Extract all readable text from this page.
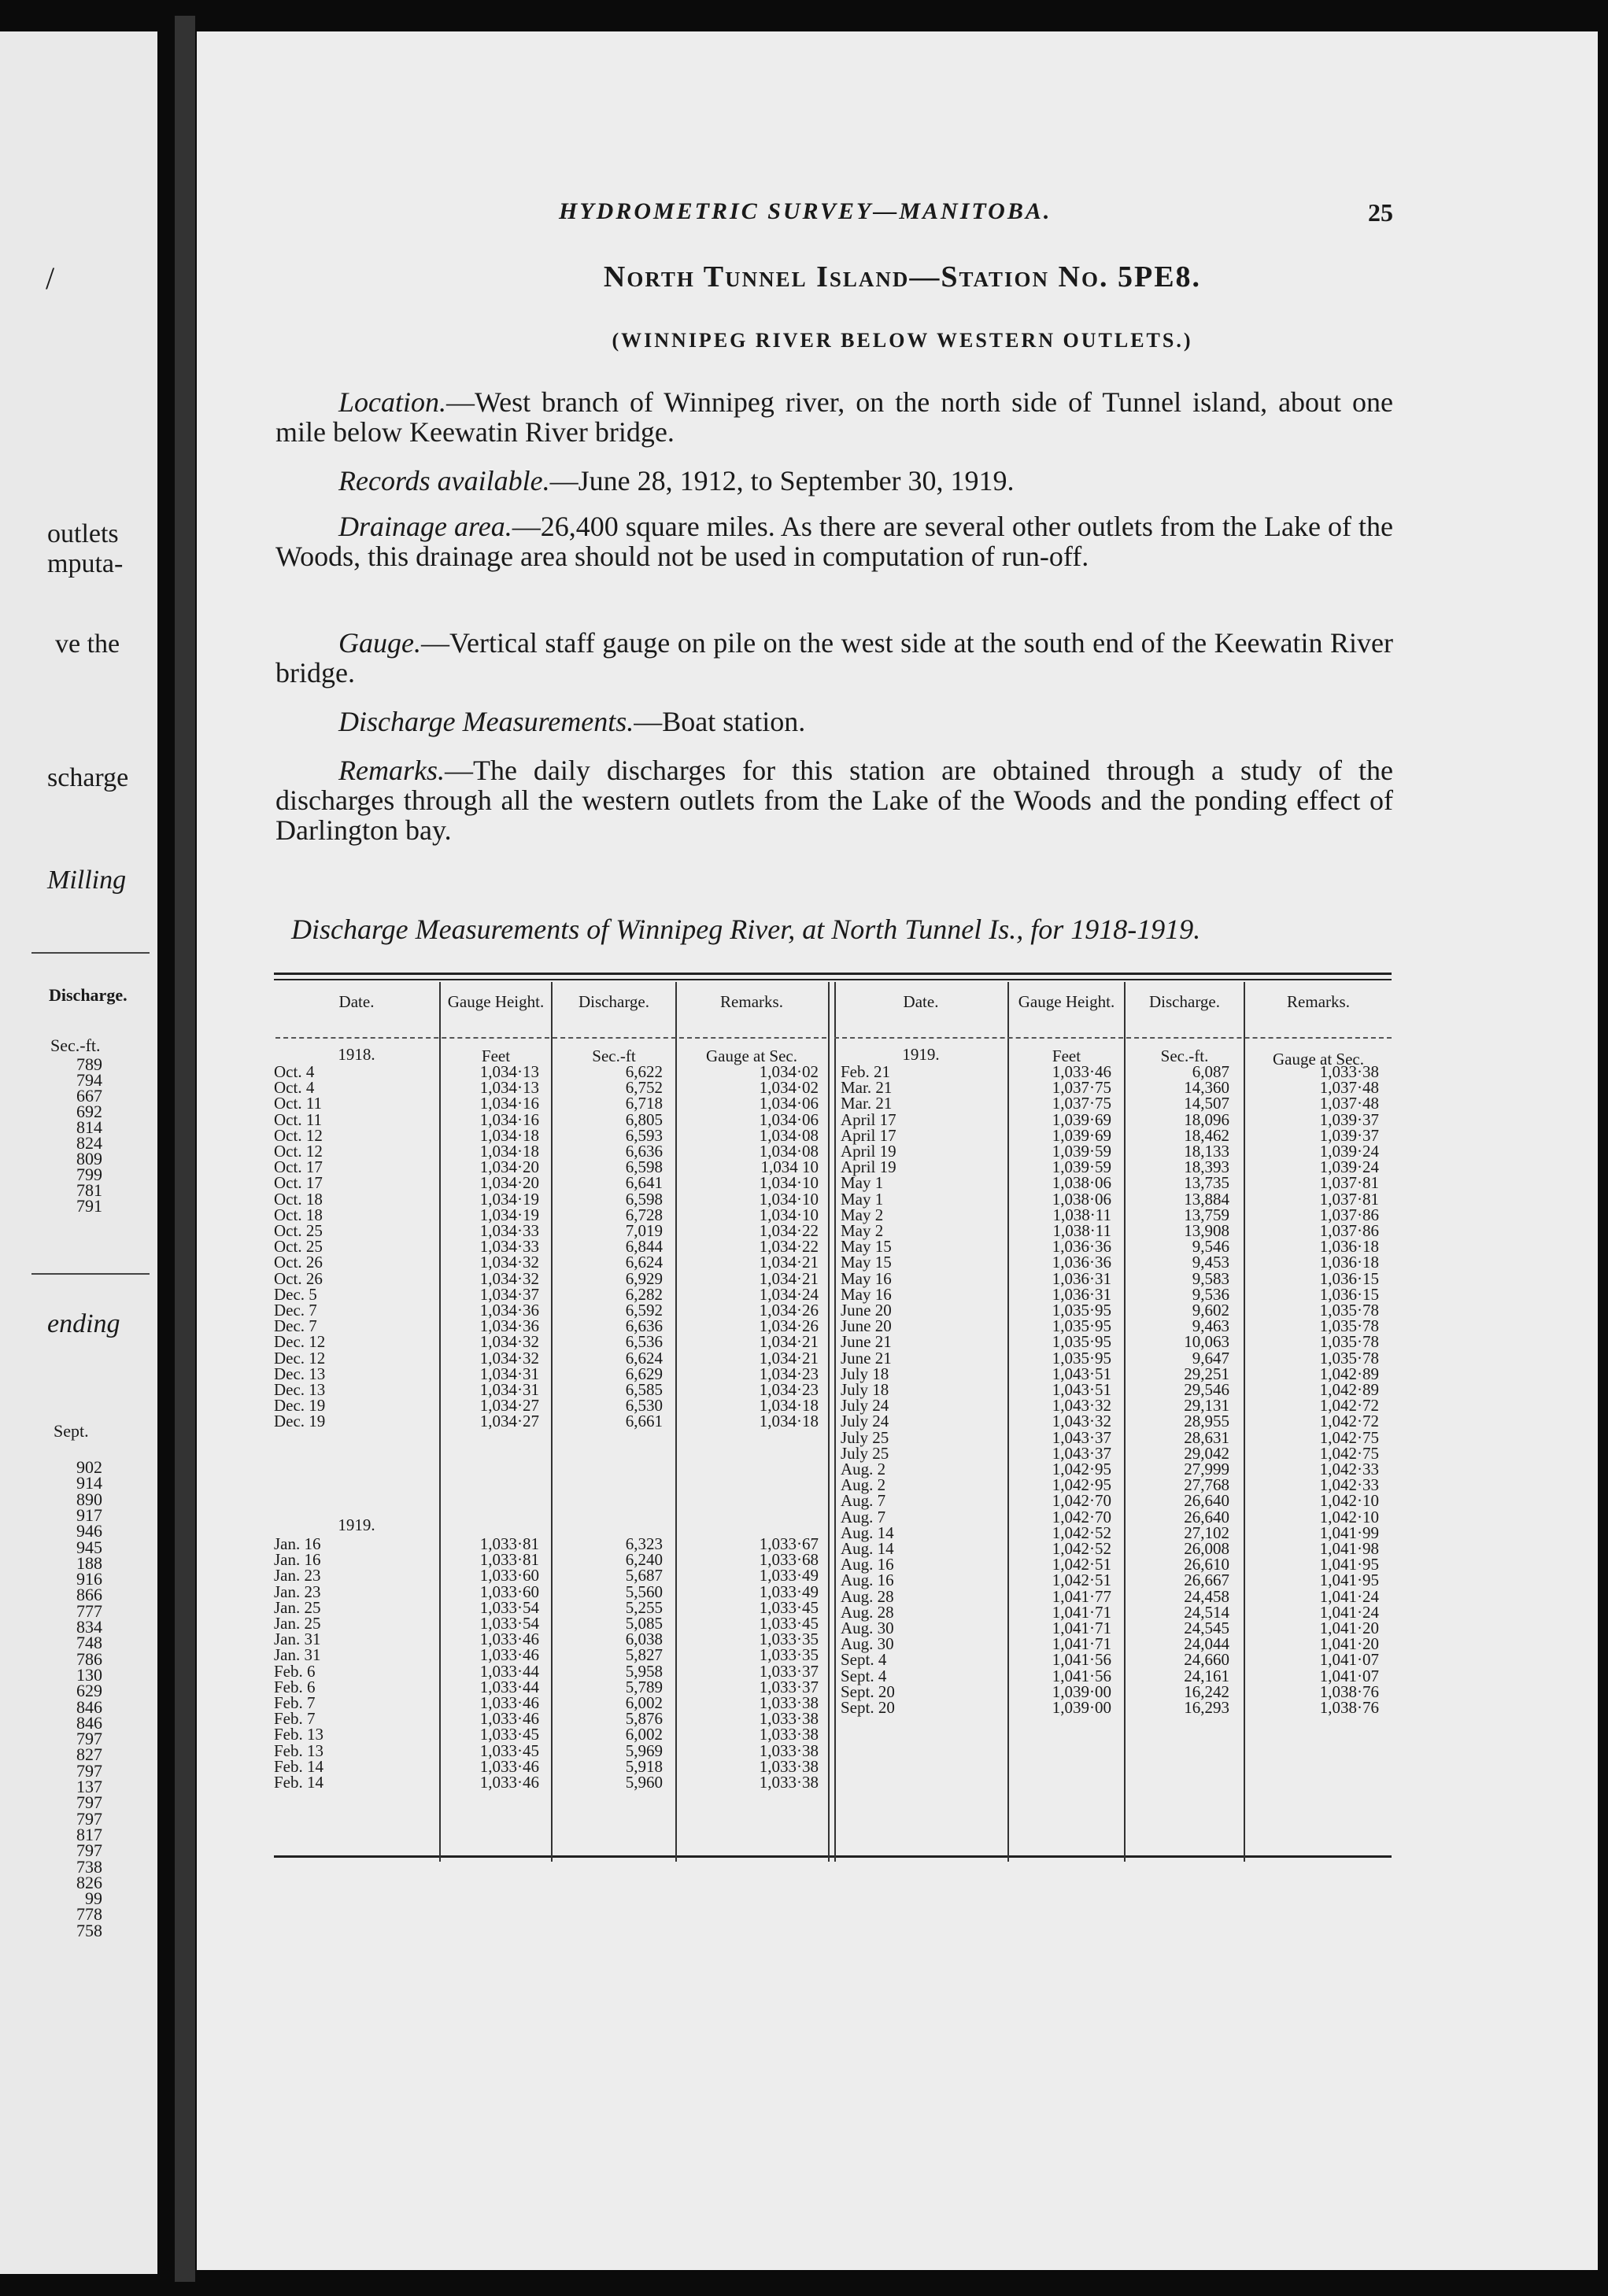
/
outlets
mputa-
ve the
scharge
Milling
Discharge.
Sec.-ft.
789
794
667
692
814
824
809
799
781
791
ending
Sept.
902
914
890
917
946
945
188
916
866
777
834
748
786
130
629
846
846
797
827
797
137
797
797
817
797
738
826
99
778
758
HYDROMETRIC SURVEY—MANITOBA.	25
North Tunnel Island—Station No. 5PE8.
(WINNIPEG RIVER BELOW WESTERN OUTLETS.)
Location.—West branch of Winnipeg river, on the north side of Tunnel island, about one mile below Keewatin River bridge.
Records available.—June 28, 1912, to September 30, 1919.
Drainage area.—26,400 square miles. As there are several other outlets from the Lake of the Woods, this drainage area should not be used in computation of run-off.
Gauge.—Vertical staff gauge on pile on the west side at the south end of the Keewatin River bridge.
Discharge Measurements.—Boat station.
Remarks.—The daily discharges for this station are obtained through a study of the discharges through all the western outlets from the Lake of the Woods and the ponding effect of Darlington bay.
Discharge Measurements of Winnipeg River, at North Tunnel Is., for 1918-1919.
Date.	Gauge Height.	Discharge.	Remarks.	Date.	Gauge Height.	Discharge.	Remarks.
1918.	Feet	Sec.-ft	Gauge at Sec.
1919.
1919.	Feet	Sec.-ft.	Gauge at Sec.
Oct. 4	1,034·13	6,622	1,034·02
Oct. 4	1,034·13	6,752	1,034·02
Oct. 11	1,034·16	6,718	1,034·06
Oct. 11	1,034·16	6,805	1,034·06
Oct. 12	1,034·18	6,593	1,034·08
Oct. 12	1,034·18	6,636	1,034·08
Oct. 17	1,034·20	6,598	1,034 10
Oct. 17	1,034·20	6,641	1,034·10
Oct. 18	1,034·19	6,598	1,034·10
Oct. 18	1,034·19	6,728	1,034·10
Oct. 25	1,034·33	7,019	1,034·22
Oct. 25	1,034·33	6,844	1,034·22
Oct. 26	1,034·32	6,624	1,034·21
Oct. 26	1,034·32	6,929	1,034·21
Dec. 5	1,034·37	6,282	1,034·24
Dec. 7	1,034·36	6,592	1,034·26
Dec. 7	1,034·36	6,636	1,034·26
Dec. 12	1,034·32	6,536	1,034·21
Dec. 12	1,034·32	6,624	1,034·21
Dec. 13	1,034·31	6,629	1,034·23
Dec. 13	1,034·31	6,585	1,034·23
Dec. 19	1,034·27	6,530	1,034·18
Dec. 19	1,034·27	6,661	1,034·18
Jan. 16	1,033·81	6,323	1,033·67
Jan. 16	1,033·81	6,240	1,033·68
Jan. 23	1,033·60	5,687	1,033·49
Jan. 23	1,033·60	5,560	1,033·49
Jan. 25	1,033·54	5,255	1,033·45
Jan. 25	1,033·54	5,085	1,033·45
Jan. 31	1,033·46	6,038	1,033·35
Jan. 31	1,033·46	5,827	1,033·35
Feb. 6	1,033·44	5,958	1,033·37
Feb. 6	1,033·44	5,789	1,033·37
Feb. 7	1,033·46	6,002	1,033·38
Feb. 7	1,033·46	5,876	1,033·38
Feb. 13	1,033·45	6,002	1,033·38
Feb. 13	1,033·45	5,969	1,033·38
Feb. 14	1,033·46	5,918	1,033·38
Feb. 14	1,033·46	5,960	1,033·38
Feb. 21	1,033·46	6,087	1,033·38
Mar. 21	1,037·75	14,360	1,037·48
Mar. 21	1,037·75	14,507	1,037·48
April 17	1,039·69	18,096	1,039·37
April 17	1,039·69	18,462	1,039·37
April 19	1,039·59	18,133	1,039·24
April 19	1,039·59	18,393	1,039·24
May 1	1,038·06	13,735	1,037·81
May 1	1,038·06	13,884	1,037·81
May 2	1,038·11	13,759	1,037·86
May 2	1,038·11	13,908	1,037·86
May 15	1,036·36	9,546	1,036·18
May 15	1,036·36	9,453	1,036·18
May 16	1,036·31	9,583	1,036·15
May 16	1,036·31	9,536	1,036·15
June 20	1,035·95	9,602	1,035·78
June 20	1,035·95	9,463	1,035·78
June 21	1,035·95	10,063	1,035·78
June 21	1,035·95	9,647	1,035·78
July 18	1,043·51	29,251	1,042·89
July 18	1,043·51	29,546	1,042·89
July 24	1,043·32	29,131	1,042·72
July 24	1,043·32	28,955	1,042·72
July 25	1,043·37	28,631	1,042·75
July 25	1,043·37	29,042	1,042·75
Aug. 2	1,042·95	27,999	1,042·33
Aug. 2	1,042·95	27,768	1,042·33
Aug. 7	1,042·70	26,640	1,042·10
Aug. 7	1,042·70	26,640	1,042·10
Aug. 14	1,042·52	27,102	1,041·99
Aug. 14	1,042·52	26,008	1,041·98
Aug. 16	1,042·51	26,610	1,041·95
Aug. 16	1,042·51	26,667	1,041·95
Aug. 28	1,041·77	24,458	1,041·24
Aug. 28	1,041·71	24,514	1,041·24
Aug. 30	1,041·71	24,545	1,041·20
Aug. 30	1,041·71	24,044	1,041·20
Sept. 4	1,041·56	24,660	1,041·07
Sept. 4	1,041·56	24,161	1,041·07
Sept. 20	1,039·00	16,242	1,038·76
Sept. 20	1,039·00	16,293	1,038·76
